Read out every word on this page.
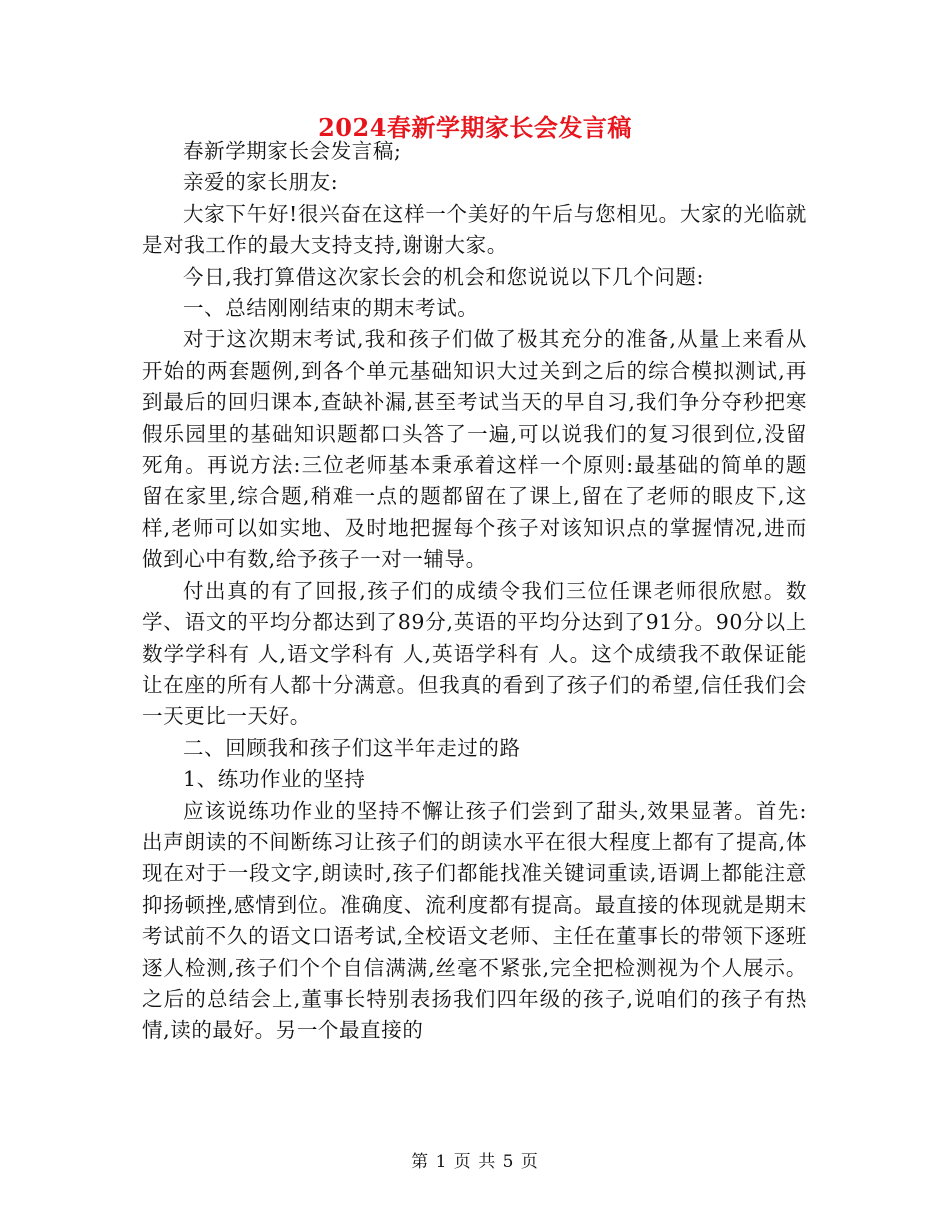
2024春新学期家长会发言稿

春新学期家长会发言稿;

亲爱的家长朋友:

大家下午好!很兴奋在这样一个美好的午后与您相见。大家的光临就是对我工作的最大支持支持,谢谢大家。

今日,我打算借这次家长会的机会和您说说以下几个问题:

一、总结刚刚结束的期末考试。

对于这次期末考试,我和孩子们做了极其充分的准备,从量上来看从开始的两套题例,到各个单元基础知识大过关到之后的综合模拟测试,再到最后的回归课本,查缺补漏,甚至考试当天的早自习,我们争分夺秒把寒假乐园里的基础知识题都口头答了一遍,可以说我们的复习很到位,没留死角。再说方法:三位老师基本秉承着这样一个原则:最基础的简单的题留在家里,综合题,稍难一点的题都留在了课上,留在了老师的眼皮下,这样,老师可以如实地、及时地把握每个孩子对该知识点的掌握情况,进而做到心中有数,给予孩子一对一辅导。

付出真的有了回报,孩子们的成绩令我们三位任课老师很欣慰。数学、语文的平均分都达到了89分,英语的平均分达到了91分。90分以上数学学科有 人,语文学科有 人,英语学科有 人。这个成绩我不敢保证能让在座的所有人都十分满意。但我真的看到了孩子们的希望,信任我们会一天更比一天好。

二、回顾我和孩子们这半年走过的路

1、练功作业的坚持

应该说练功作业的坚持不懈让孩子们尝到了甜头,效果显著。首先:出声朗读的不间断练习让孩子们的朗读水平在很大程度上都有了提高,体现在对于一段文字,朗读时,孩子们都能找准关键词重读,语调上都能注意抑扬顿挫,感情到位。准确度、流利度都有提高。最直接的体现就是期末考试前不久的语文口语考试,全校语文老师、主任在董事长的带领下逐班逐人检测,孩子们个个自信满满,丝毫不紧张,完全把检测视为个人展示。之后的总结会上,董事长特别表扬我们四年级的孩子,说咱们的孩子有热情,读的最好。另一个最直接的

第 1 页 共 5 页
